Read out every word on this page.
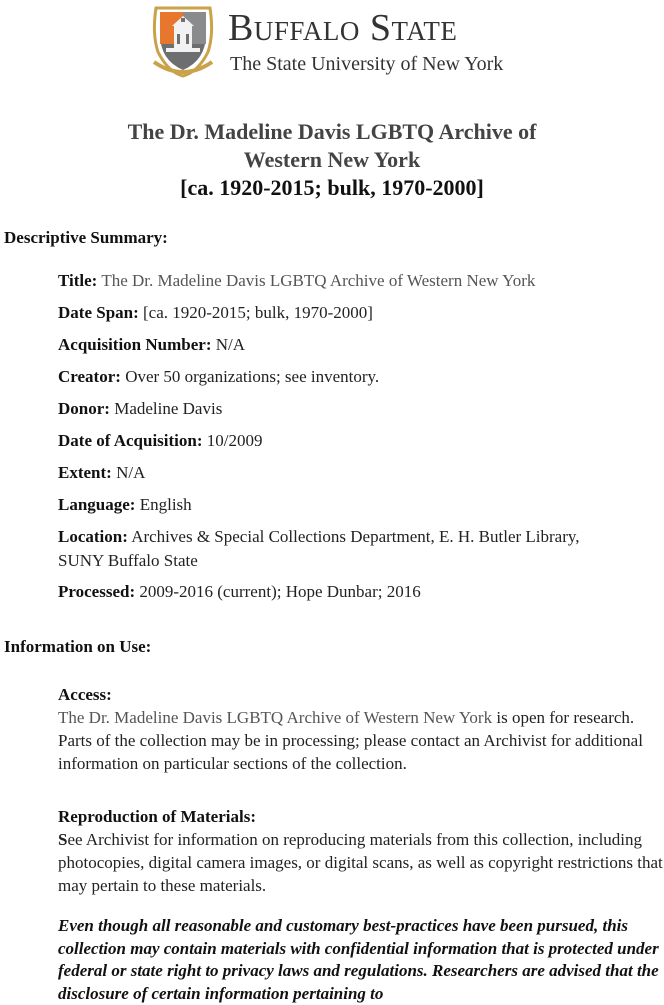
Buffalo State
The State University of New York
The Dr. Madeline Davis LGBTQ Archive of
Western New York
[ca. 1920-2015; bulk, 1970-2000]
Descriptive Summary:
Title: The Dr. Madeline Davis LGBTQ Archive of Western New York
Date Span: [ca. 1920-2015; bulk, 1970-2000]
Acquisition Number: N/A
Creator: Over 50 organizations; see inventory.
Donor: Madeline Davis
Date of Acquisition: 10/2009
Extent: N/A
Language: English
Location: Archives & Special Collections Department, E. H. Butler Library,
SUNY Buffalo State
Processed: 2009-2016 (current); Hope Dunbar; 2016
Information on Use:
Access:
The Dr. Madeline Davis LGBTQ Archive of Western New York is open for research. Parts of the collection may be in processing; please contact an Archivist for additional information on particular sections of the collection.
Reproduction of Materials:
See Archivist for information on reproducing materials from this collection, including photocopies, digital camera images, or digital scans, as well as copyright restrictions that may pertain to these materials.
Even though all reasonable and customary best-practices have been pursued, this collection may contain materials with confidential information that is protected under federal or state right to privacy laws and regulations. Researchers are advised that the disclosure of certain information pertaining to
